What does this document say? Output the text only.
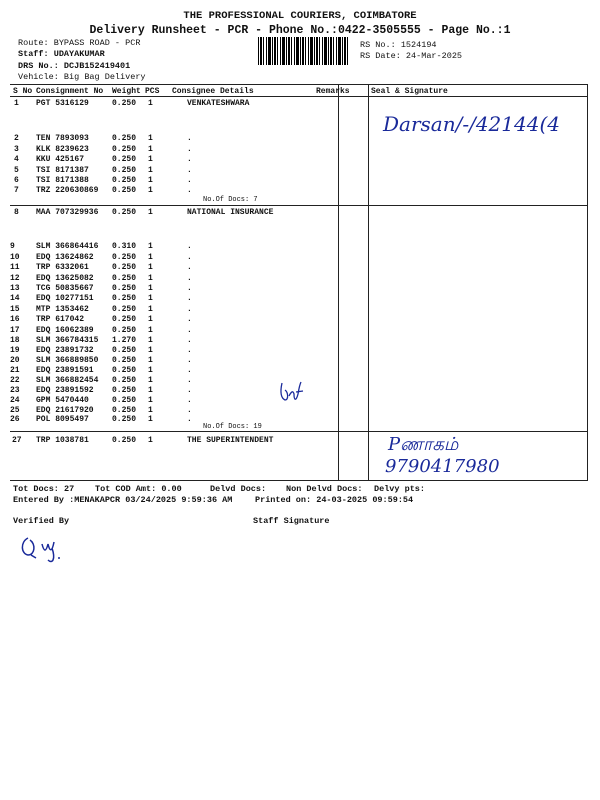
THE PROFESSIONAL COURIERS, COIMBATORE
Delivery Runsheet - PCR - Phone No.:0422-3505555 - Page No.:1
Route: BYPASS ROAD - PCR
Staff: UDAYAKUMAR
DRS No.: DCJB152419401
Vehicle: Big Bag Delivery
RS No.: 1524194
RS Date: 24-Mar-2025
S No Consignment No Weight PCS Consignee Details	Remarks	Seal & Signature
1 PGT 5316129	0.250 1	VENKATESHWARA
2 TEN 7893093	0.250 1	.
3 KLK 8239623	0.250 1	.
4 KKU 425167	0.250 1	.
5 TSI 8171387	0.250 1	.
6 TSI 8171388	0.250 1	.
7 TRZ 220630869 0.250 1	.
No.Of Docs: 7
8 MAA 707329936 0.250 1	NATIONAL INSURANCE
9	SLM 366864416 0.310 1	.
10 EDQ 13624862 0.250 1	.
11 TRP 6332061	0.250 1	.
12 EDQ 13625082 0.250 1	.
13 TCG 50835667 0.250 1	.
14 EDQ 10277151 0.250 1	.
15 MTP 1353462	0.250 1	.
16 TRP 617042	0.250 1	.
17 EDQ 16062389 0.250 1	.
18 SLM 366784315 1.270 1	.
19 EDQ 23891732 0.250 1	.
20 SLM 366889850 0.250 1	.
21 EDQ 23891591 0.250 1	.
22 SLM 366882454 0.250 1	.
23 EDQ 23891592 0.250 1	.
24 GPM 5470440	0.250 1	.
25 EDQ 21617920 0.250 1	.
26 POL 8095497	0.250 1	.
No.Of Docs: 19
27 TRP 1038781	0.250 1	THE SUPERINTENDENT
Darsan/-/42144(4
Pணாகம்
9790417980
Tot Docs: 27 Tot COD Amt: 0.00	Delvd Docs: Non Delvd Docs: Delvy pts:
Entered By :MENAKAPCR 03/24/2025 9:59:36 AM	Printed on: 24-03-2025 09:59:54
Verified By	Staff Signature
